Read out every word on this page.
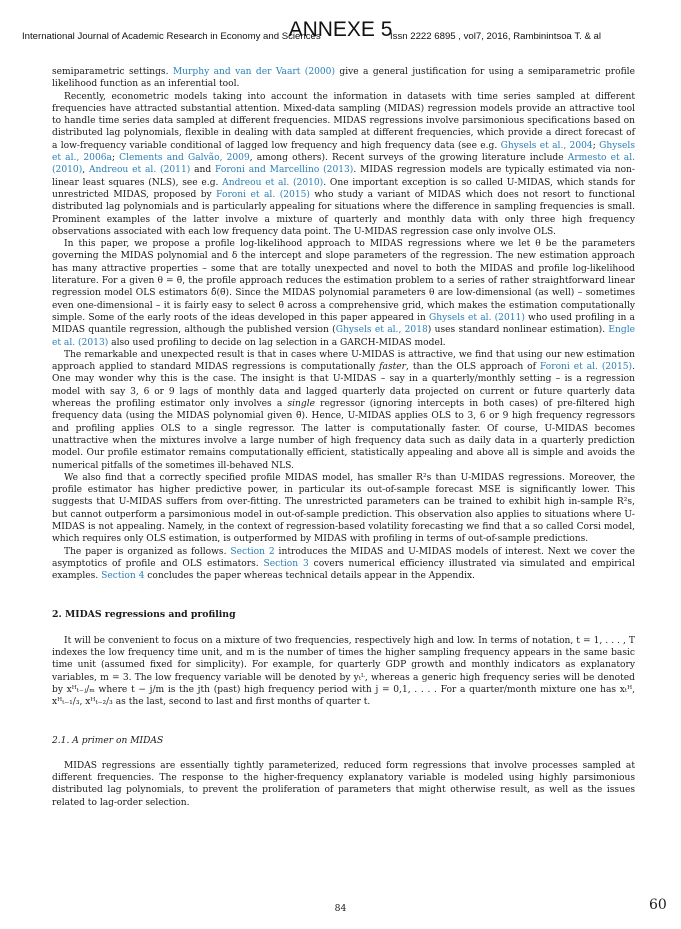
ANNEXE 5
International Journal of Academic Research in Economy and Sciences	Issn 2222 6895 , vol7, 2016, Rambinintsoa T. & al

semiparametric settings. Murphy and van der Vaart (2000) give a general justification for using a semiparametric profile likelihood function as an inferential tool.

Recently, econometric models taking into account the information in datasets with time series sampled at different frequencies have attracted substantial attention. Mixed-data sampling (MIDAS) regression models provide an attractive tool to handle time series data sampled at different frequencies. MIDAS regressions involve parsimonious specifications based on distributed lag polynomials, flexible in dealing with data sampled at different frequencies, which provide a direct forecast of a low-frequency variable conditional of lagged low frequency and high frequency data (see e.g. Ghysels et al., 2004; Ghysels et al., 2006a; Clements and Galvão, 2009, among others). Recent surveys of the growing literature include Armesto et al. (2010), Andreou et al. (2011) and Foroni and Marcellino (2013). MIDAS regression models are typically estimated via non-linear least squares (NLS), see e.g. Andreou et al. (2010). One important exception is so called U-MIDAS, which stands for unrestricted MIDAS, proposed by Foroni et al. (2015) who study a variant of MIDAS which does not resort to functional distributed lag polynomials and is particularly appealing for situations where the difference in sampling frequencies is small. Prominent examples of the latter involve a mixture of quarterly and monthly data with only three high frequency observations associated with each low frequency data point. The U-MIDAS regression case only involve OLS.

In this paper, we propose a profile log-likelihood approach to MIDAS regressions where we let θ be the parameters governing the MIDAS polynomial and δ the intercept and slope parameters of the regression. The new estimation approach has many attractive properties – some that are totally unexpected and novel to both the MIDAS and profile log-likelihood literature. For a given θ = θ̃, the profile approach reduces the estimation problem to a series of rather straightforward linear regression model OLS estimators δ̂(θ̃). Since the MIDAS polynomial parameters θ are low-dimensional (as well) – sometimes even one-dimensional – it is fairly easy to select θ̃ across a comprehensive grid, which makes the estimation computationally simple. Some of the early roots of the ideas developed in this paper appeared in Ghysels et al. (2011) who used profiling in a MIDAS quantile regression, although the published version (Ghysels et al., 2018) uses standard nonlinear estimation). Engle et al. (2013) also used profiling to decide on lag selection in a GARCH-MIDAS model.

The remarkable and unexpected result is that in cases where U-MIDAS is attractive, we find that using our new estimation approach applied to standard MIDAS regressions is computationally faster, than the OLS approach of Foroni et al. (2015). One may wonder why this is the case. The insight is that U-MIDAS – say in a quarterly/monthly setting – is a regression model with say 3, 6 or 9 lags of monthly data and lagged quarterly data projected on current or future quarterly data whereas the profiling estimator only involves a single regressor (ignoring intercepts in both cases) of pre-filtered high frequency data (using the MIDAS polynomial given θ̃). Hence, U-MIDAS applies OLS to 3, 6 or 9 high frequency regressors and profiling applies OLS to a single regressor. The latter is computationally faster. Of course, U-MIDAS becomes unattractive when the mixtures involve a large number of high frequency data such as daily data in a quarterly prediction model. Our profile estimator remains computationally efficient, statistically appealing and above all is simple and avoids the numerical pitfalls of the sometimes ill-behaved NLS.

We also find that a correctly specified profile MIDAS model, has smaller R²s than U-MIDAS regressions. Moreover, the profile estimator has higher predictive power, in particular its out-of-sample forecast MSE is significantly lower. This suggests that U-MIDAS suffers from over-fitting. The unrestricted parameters can be trained to exhibit high in-sample R²s, but cannot outperform a parsimonious model in out-of-sample prediction. This observation also applies to situations where U-MIDAS is not appealing. Namely, in the context of regression-based volatility forecasting we find that a so called Corsi model, which requires only OLS estimation, is outperformed by MIDAS with profiling in terms of out-of-sample predictions.

The paper is organized as follows. Section 2 introduces the MIDAS and U-MIDAS models of interest. Next we cover the asymptotics of profile and OLS estimators. Section 3 covers numerical efficiency illustrated via simulated and empirical examples. Section 4 concludes the paper whereas technical details appear in the Appendix.

2. MIDAS regressions and profiling

It will be convenient to focus on a mixture of two frequencies, respectively high and low. In terms of notation, t = 1, . . . , T indexes the low frequency time unit, and m is the number of times the higher sampling frequency appears in the same basic time unit (assumed fixed for simplicity). For example, for quarterly GDP growth and monthly indicators as explanatory variables, m = 3. The low frequency variable will be denoted by yₜᴸ, whereas a generic high frequency series will be denoted by xᴴₜ₋ⱼ/ₘ where t − j/m is the jth (past) high frequency period with j = 0,1, . . . . For a quarter/month mixture one has xₜᴴ, xᴴₜ₋₁/₃, xᴴₜ₋₂/₃ as the last, second to last and first months of quarter t.

2.1. A primer on MIDAS

MIDAS regressions are essentially tightly parameterized, reduced form regressions that involve processes sampled at different frequencies. The response to the higher-frequency explanatory variable is modeled using highly parsimonious distributed lag polynomials, to prevent the proliferation of parameters that might otherwise result, as well as the issues related to lag-order selection.

84	60
